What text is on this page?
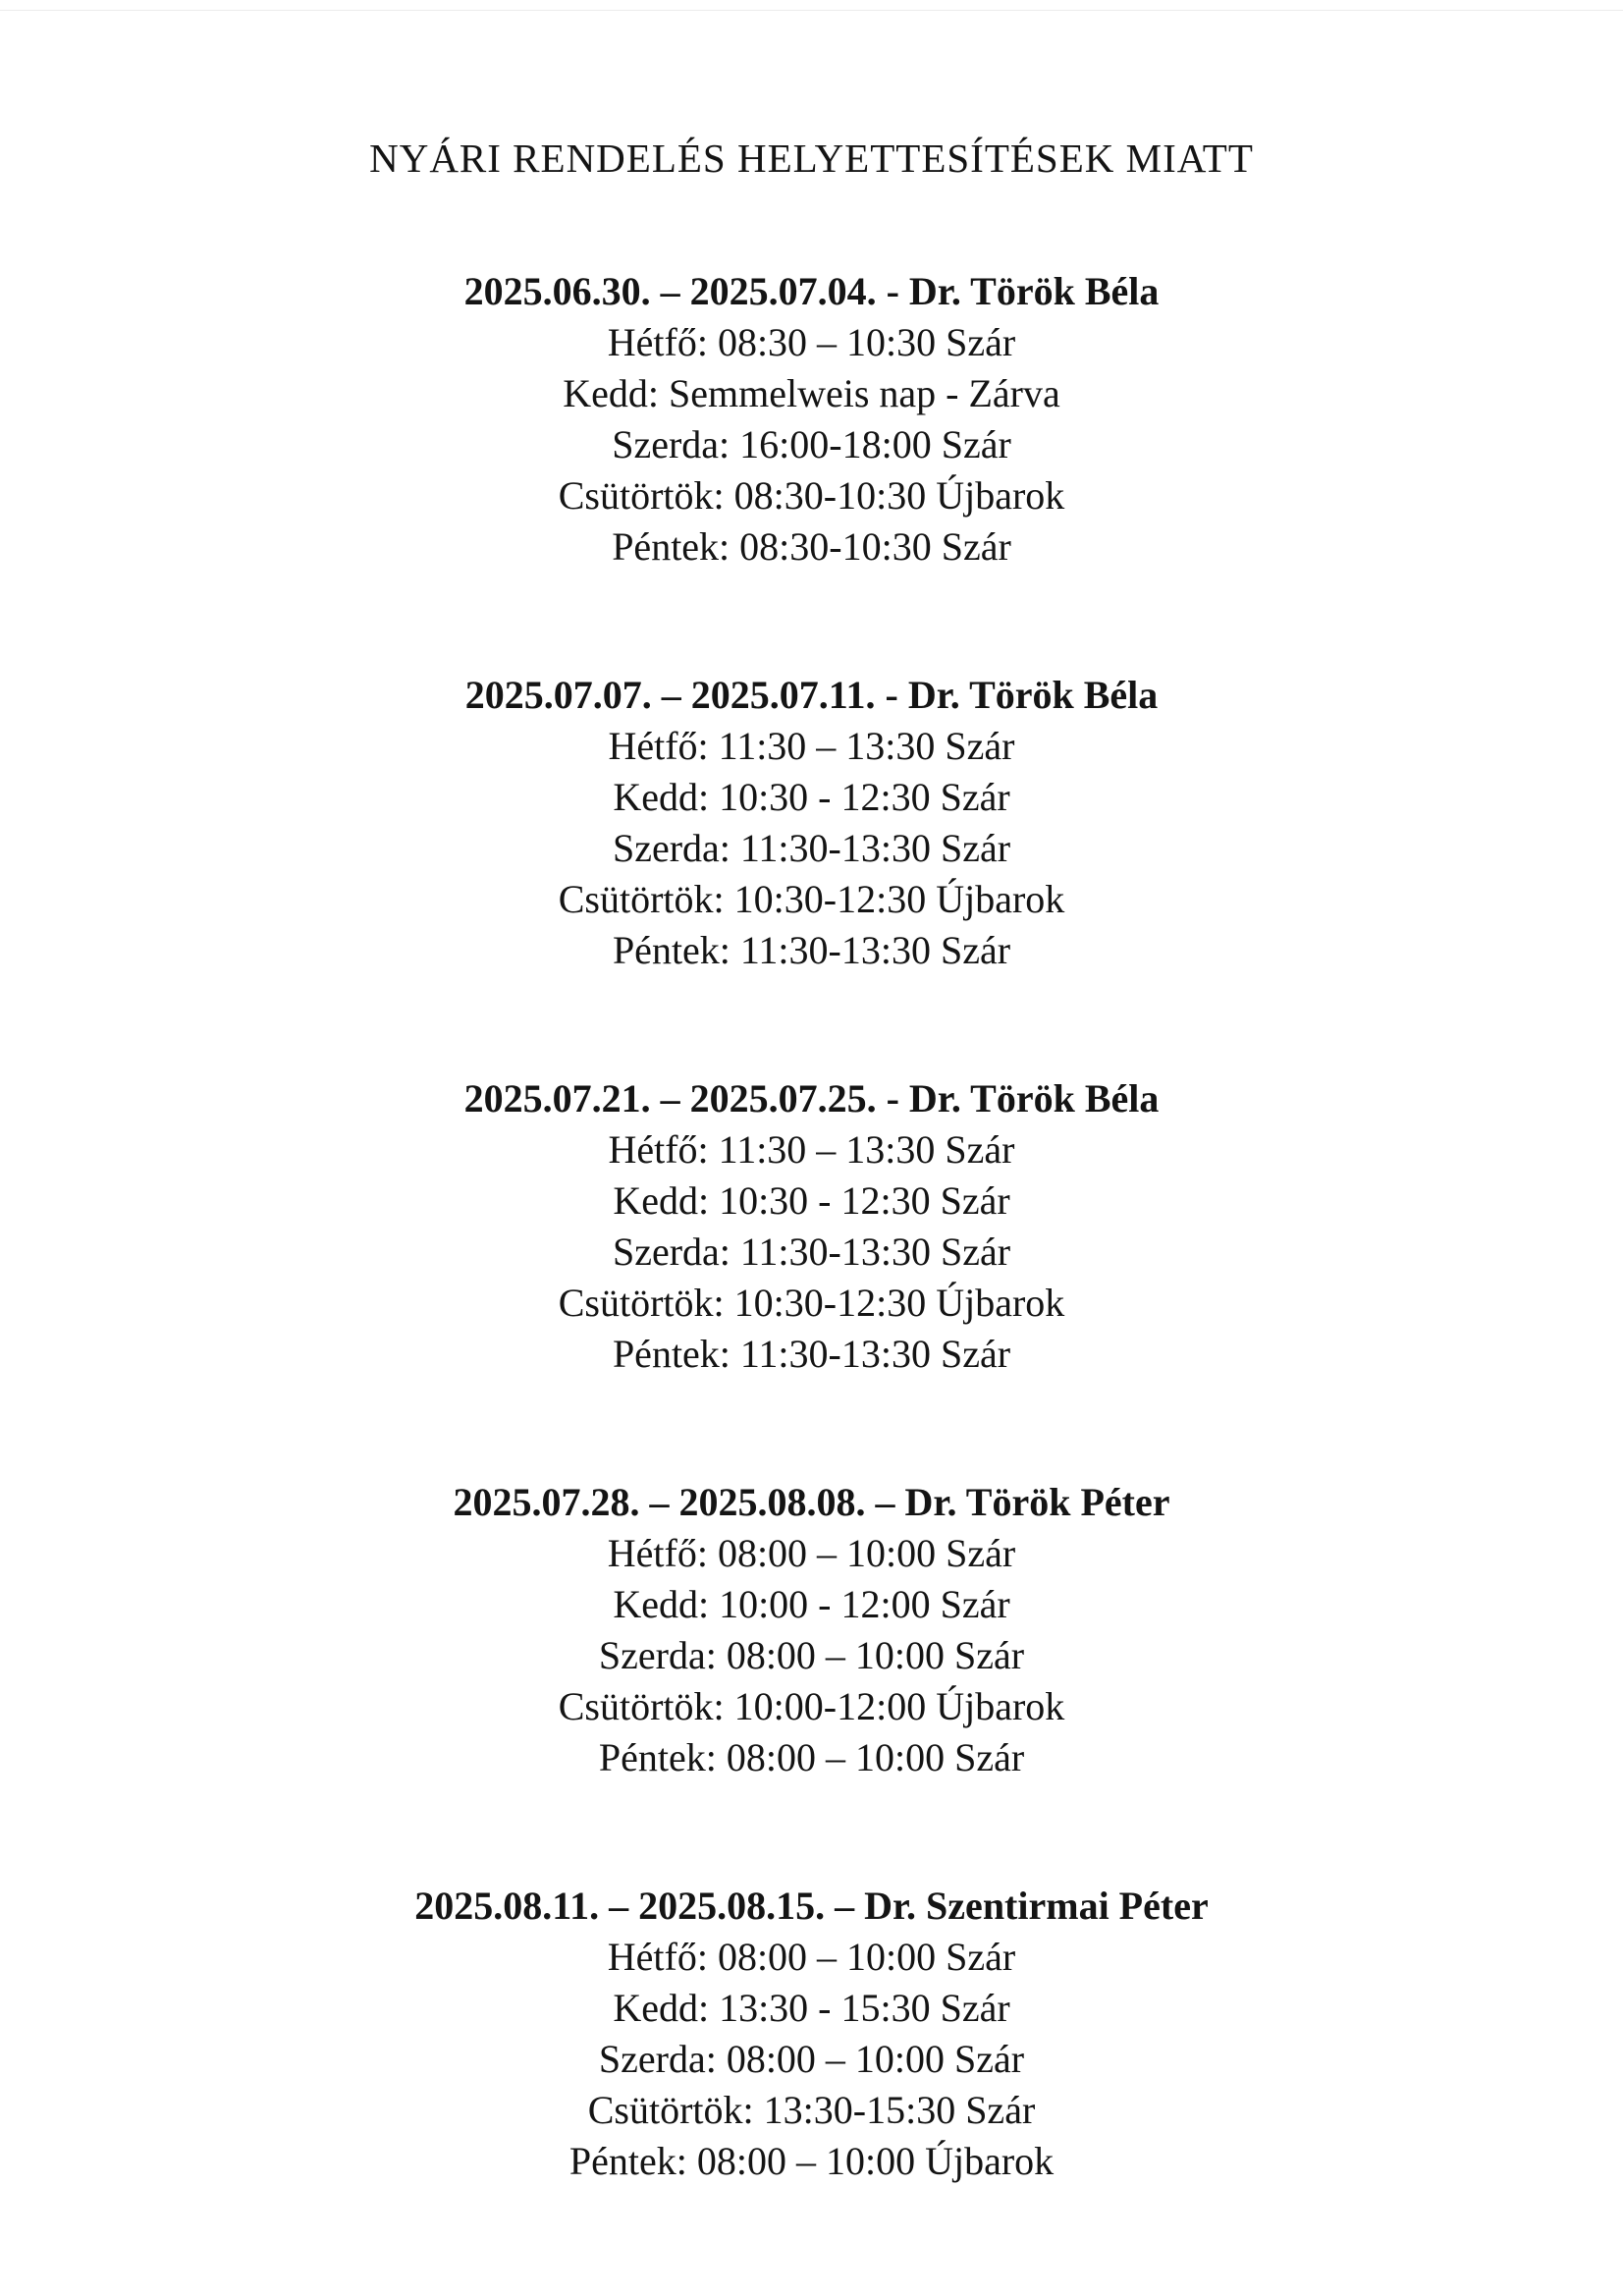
NYÁRI RENDELÉS HELYETTESÍTÉSEK MIATT
2025.06.30. – 2025.07.04. - Dr. Török Béla
Hétfő: 08:30 – 10:30 Szár
Kedd: Semmelweis nap - Zárva
Szerda: 16:00-18:00 Szár
Csütörtök: 08:30-10:30 Újbarok
Péntek: 08:30-10:30 Szár
2025.07.07. – 2025.07.11. - Dr. Török Béla
Hétfő: 11:30 – 13:30 Szár
Kedd: 10:30 - 12:30 Szár
Szerda: 11:30-13:30 Szár
Csütörtök: 10:30-12:30 Újbarok
Péntek: 11:30-13:30 Szár
2025.07.21. – 2025.07.25. - Dr. Török Béla
Hétfő: 11:30 – 13:30 Szár
Kedd: 10:30 - 12:30 Szár
Szerda: 11:30-13:30 Szár
Csütörtök: 10:30-12:30 Újbarok
Péntek: 11:30-13:30 Szár
2025.07.28. – 2025.08.08. – Dr. Török Péter
Hétfő: 08:00 – 10:00 Szár
Kedd: 10:00 - 12:00 Szár
Szerda: 08:00 – 10:00 Szár
Csütörtök: 10:00-12:00 Újbarok
Péntek: 08:00 – 10:00 Szár
2025.08.11. – 2025.08.15. – Dr. Szentirmai Péter
Hétfő: 08:00 – 10:00 Szár
Kedd: 13:30 - 15:30 Szár
Szerda: 08:00 – 10:00 Szár
Csütörtök: 13:30-15:30 Szár
Péntek: 08:00 – 10:00 Újbarok
